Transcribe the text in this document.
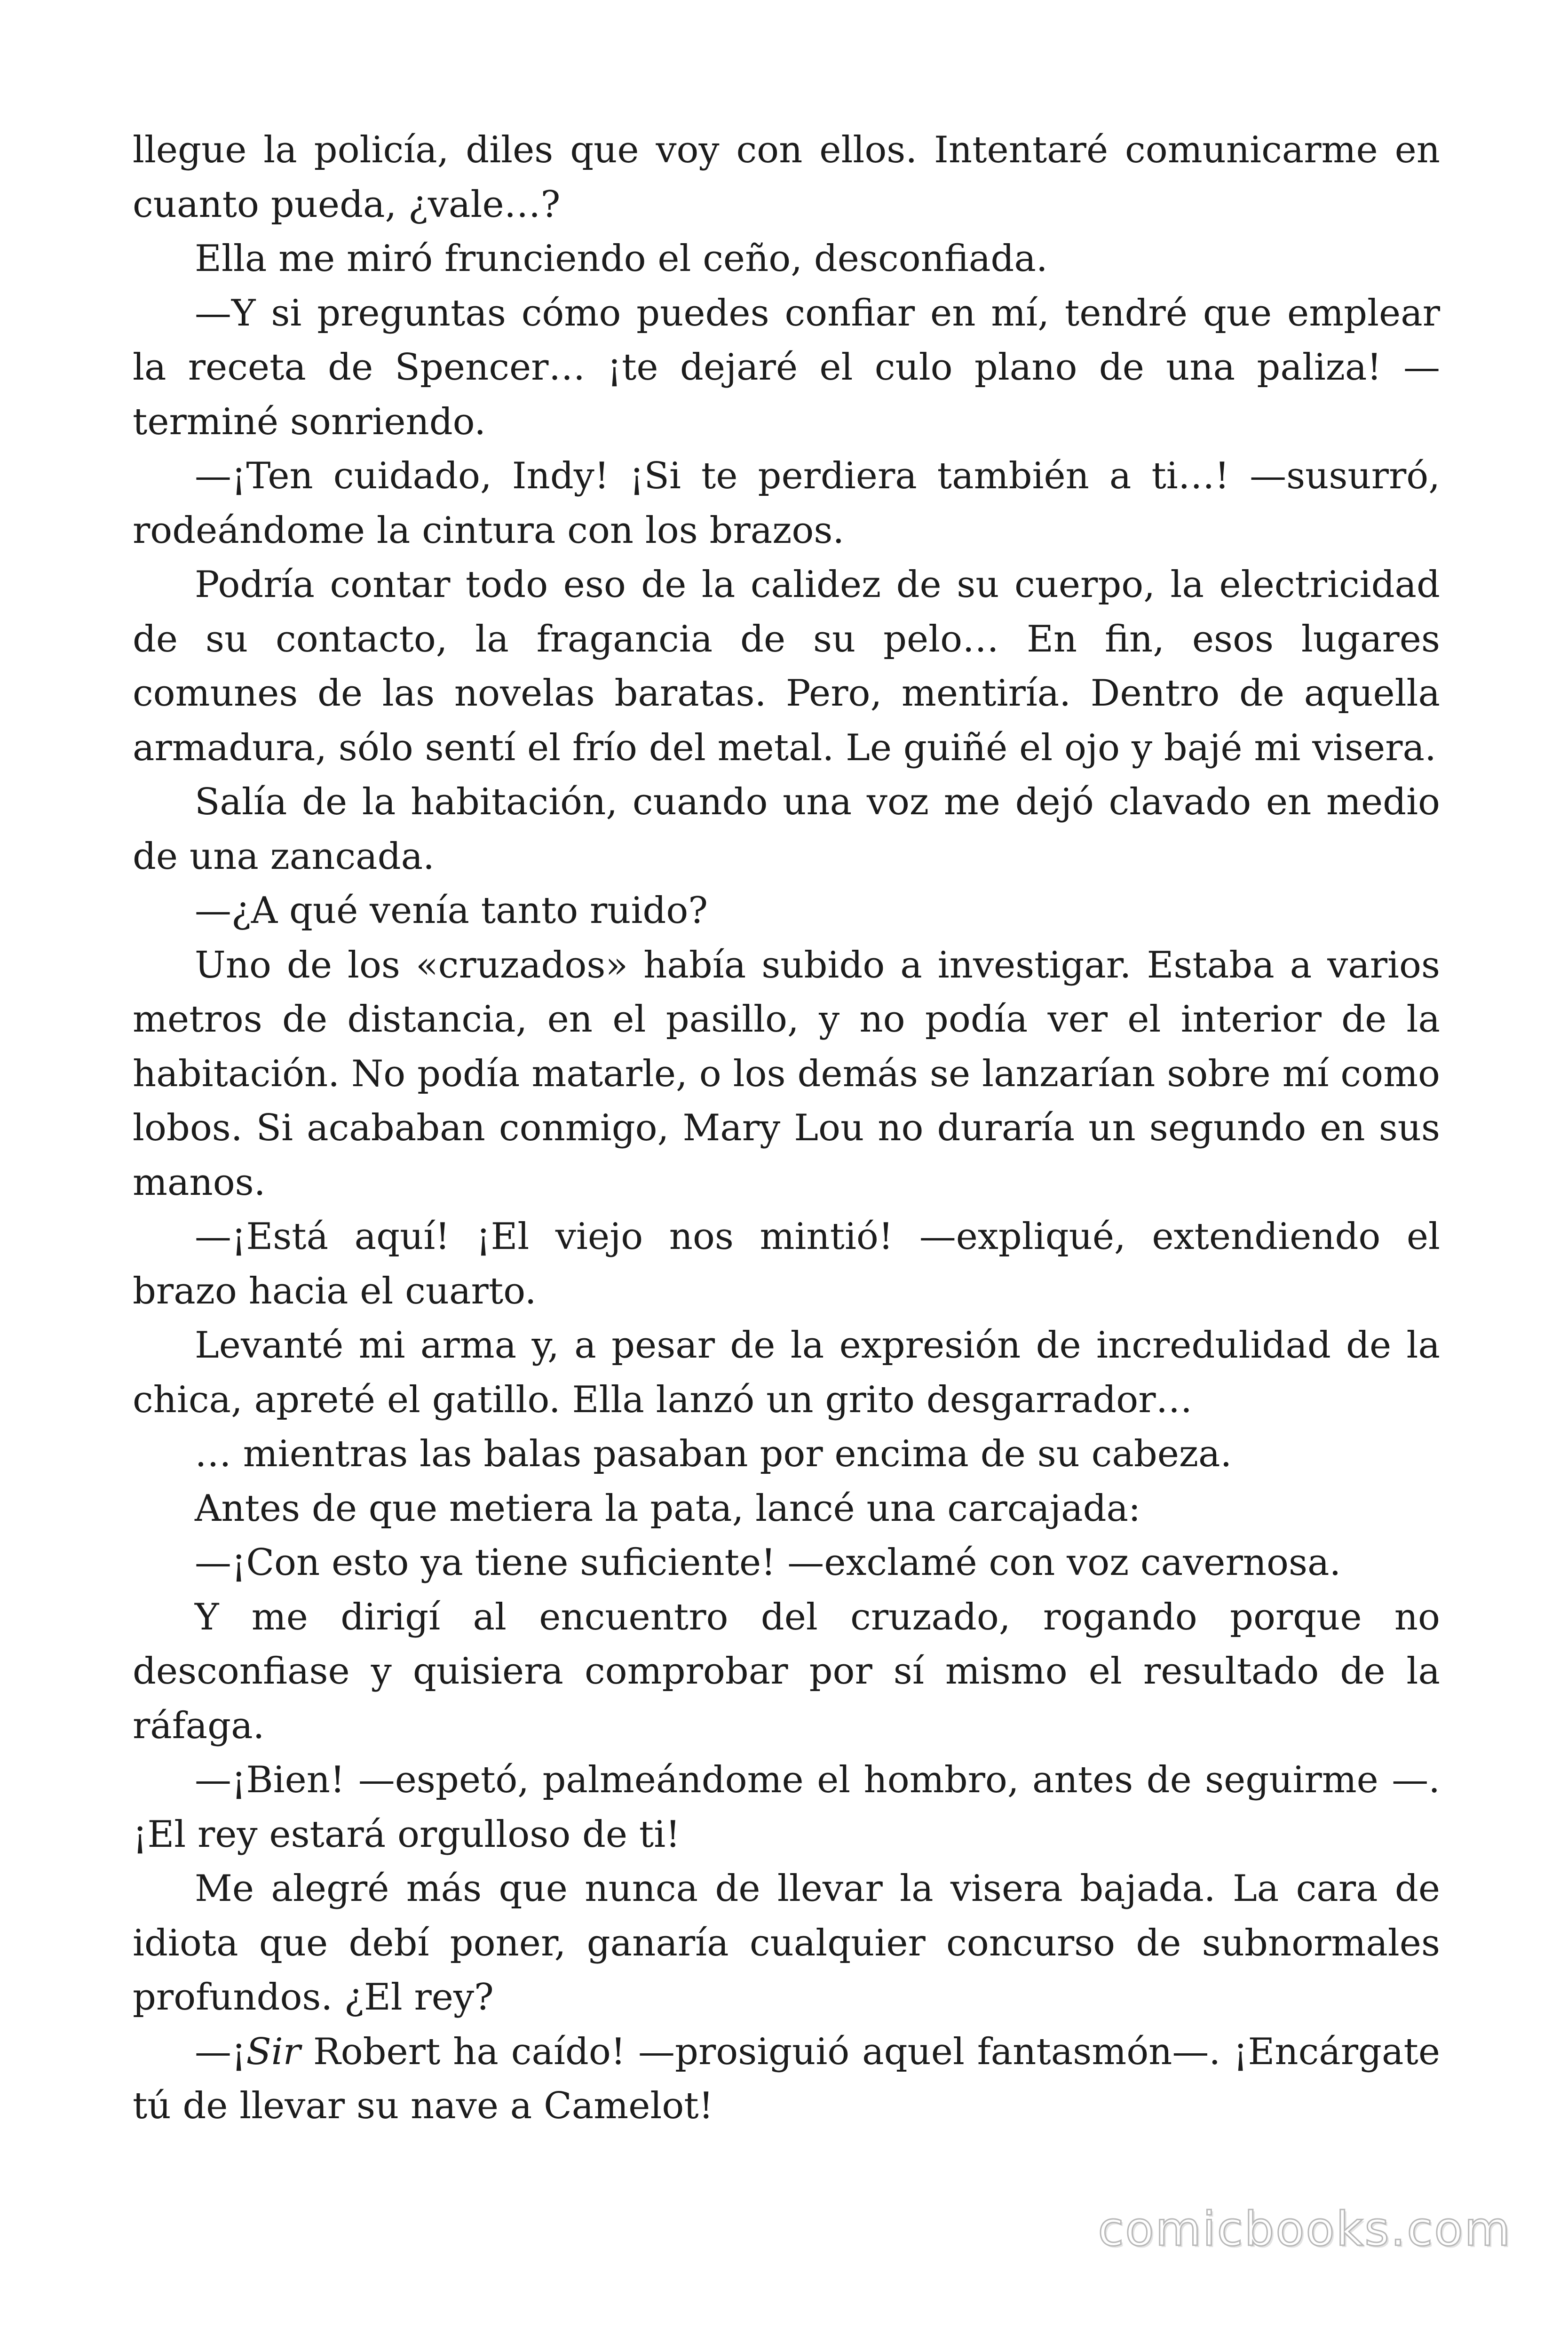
llegue la policía, diles que voy con ellos. Intentaré comunicarme en cuanto pueda, ¿vale…?

Ella me miró frunciendo el ceño, desconfiada.

—Y si preguntas cómo puedes confiar en mí, tendré que emplear la receta de Spencer… ¡te dejaré el culo plano de una paliza! —terminé sonriendo.

—¡Ten cuidado, Indy! ¡Si te perdiera también a ti…! —susurró, rodeándome la cintura con los brazos.

Podría contar todo eso de la calidez de su cuerpo, la electricidad de su contacto, la fragancia de su pelo… En fin, esos lugares comunes de las novelas baratas. Pero, mentiría. Dentro de aquella armadura, sólo sentí el frío del metal. Le guiñé el ojo y bajé mi visera.

Salía de la habitación, cuando una voz me dejó clavado en medio de una zancada.

—¿A qué venía tanto ruido?

Uno de los «cruzados» había subido a investigar. Estaba a varios metros de distancia, en el pasillo, y no podía ver el interior de la habitación. No podía matarle, o los demás se lanzarían sobre mí como lobos. Si acababan conmigo, Mary Lou no duraría un segundo en sus manos.

—¡Está aquí! ¡El viejo nos mintió! —expliqué, extendiendo el brazo hacia el cuarto.

Levanté mi arma y, a pesar de la expresión de incredulidad de la chica, apreté el gatillo. Ella lanzó un grito desgarrador…

… mientras las balas pasaban por encima de su cabeza.

Antes de que metiera la pata, lancé una carcajada:

—¡Con esto ya tiene suficiente! —exclamé con voz cavernosa.

Y me dirigí al encuentro del cruzado, rogando porque no desconfiase y quisiera comprobar por sí mismo el resultado de la ráfaga.

—¡Bien! —espetó, palmeándome el hombro, antes de seguirme —. ¡El rey estará orgulloso de ti!

Me alegré más que nunca de llevar la visera bajada. La cara de idiota que debí poner, ganaría cualquier concurso de subnormales profundos. ¿El rey?

—¡Sir Robert ha caído! —prosiguió aquel fantasmón—. ¡Encárgate tú de llevar su nave a Camelot!

comicbooks.com
